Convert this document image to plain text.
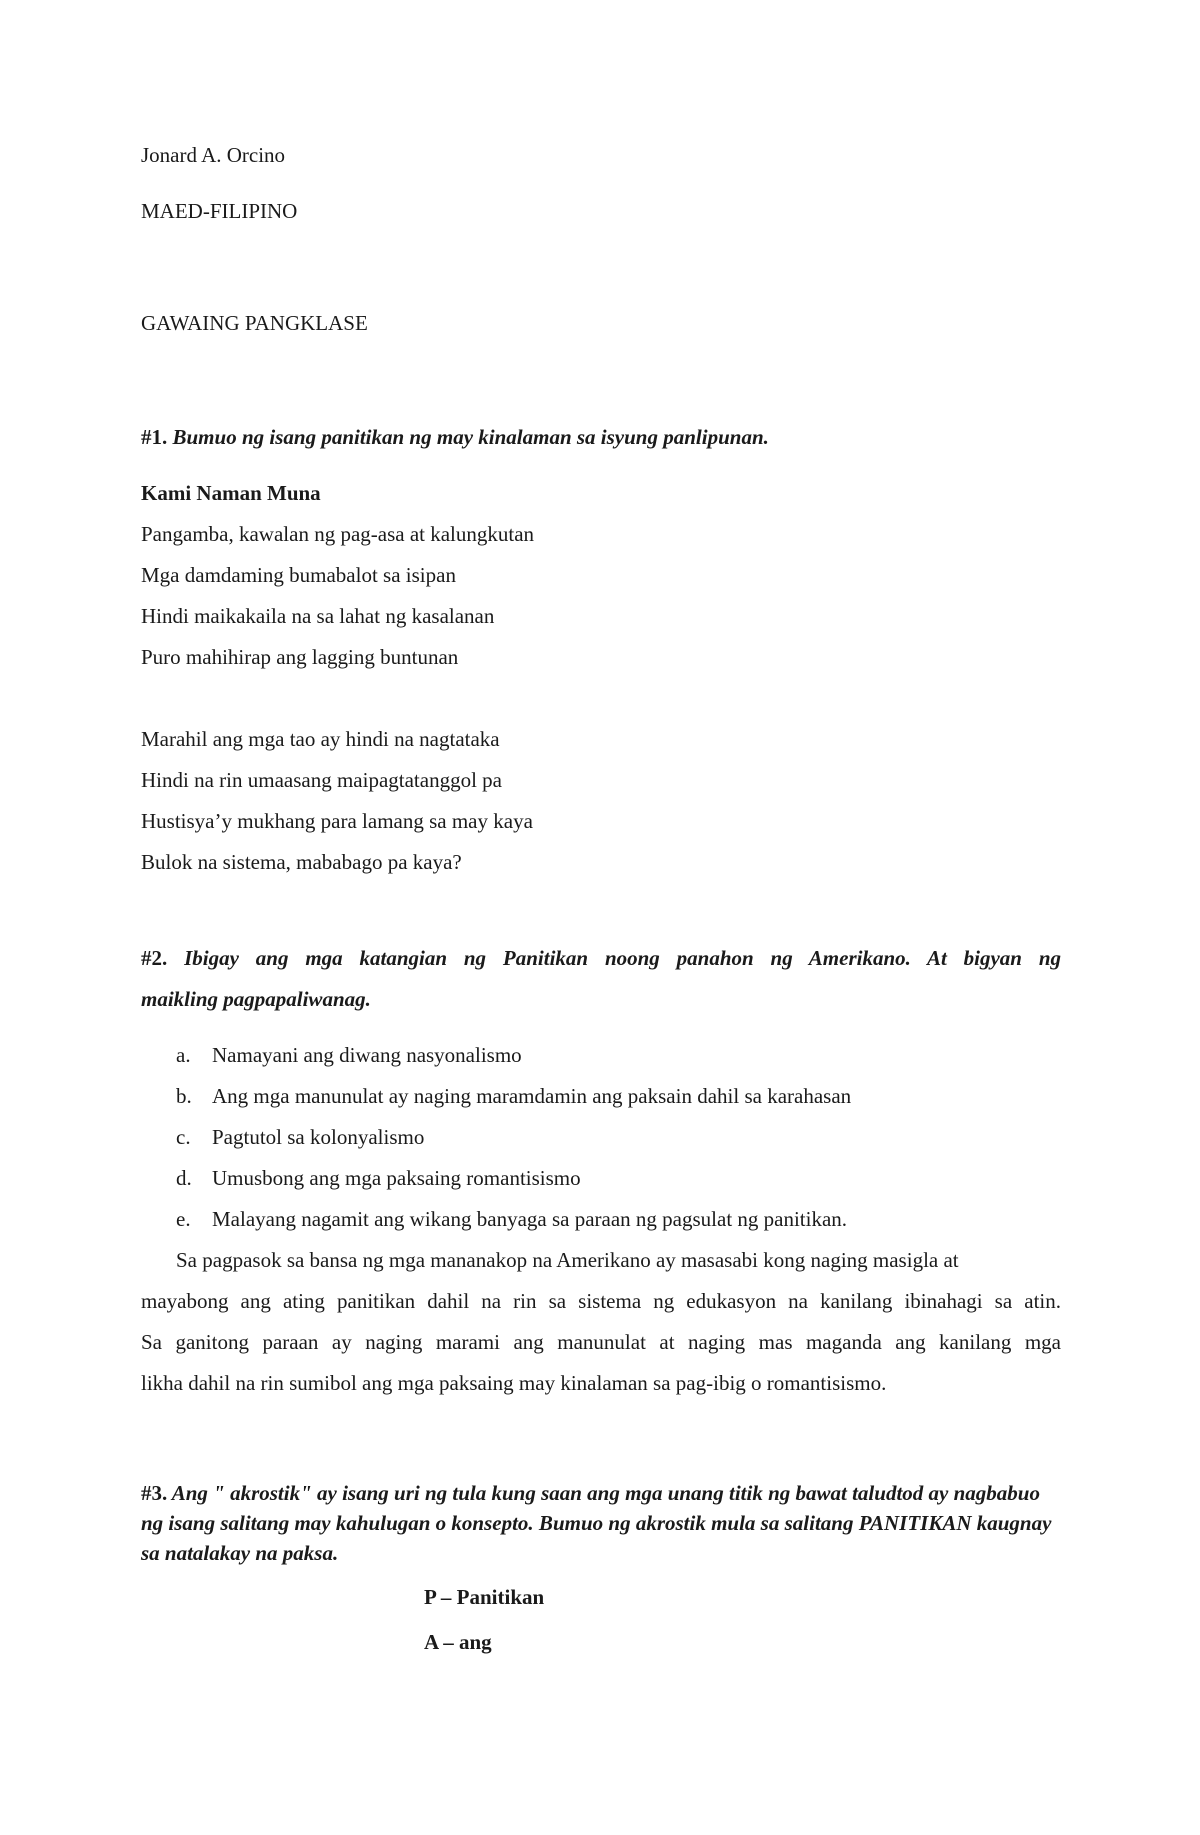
Jonard A. Orcino
MAED-FILIPINO
GAWAING PANGKLASE
#1. Bumuo ng isang panitikan ng may kinalaman sa isyung panlipunan.
Kami Naman Muna
Pangamba, kawalan ng pag-asa at kalungkutan
Mga damdaming bumabalot sa isipan
Hindi maikakaila na sa lahat ng kasalanan
Puro mahihirap ang lagging buntunan
Marahil ang mga tao ay hindi na nagtataka
Hindi na rin umaasang maipagtatanggol pa
Hustisya’y mukhang para lamang sa may kaya
Bulok na sistema, mababago pa kaya?
#2. Ibigay ang mga katangian ng Panitikan noong panahon ng Amerikano. At bigyan ng
maikling pagpapaliwanag.
a. Namayani ang diwang nasyonalismo
b. Ang mga manunulat ay naging maramdamin ang paksain dahil sa karahasan
c. Pagtutol sa kolonyalismo
d. Umusbong ang mga paksaing romantisismo
e. Malayang nagamit ang wikang banyaga sa paraan ng pagsulat ng panitikan.
Sa pagpasok sa bansa ng mga mananakop na Amerikano ay masasabi kong naging masigla at
mayabong ang ating panitikan dahil na rin sa sistema ng edukasyon na kanilang ibinahagi sa atin.
Sa ganitong paraan ay naging marami ang manunulat at naging mas maganda ang kanilang mga
likha dahil na rin sumibol ang mga paksaing may kinalaman sa pag-ibig o romantisismo.
#3. Ang " akrostik" ay isang uri ng tula kung saan ang mga unang titik ng bawat taludtod ay nagbabuo ng isang salitang may kahulugan o konsepto. Bumuo ng akrostik mula sa salitang PANITIKAN kaugnay sa natalakay na paksa.
P – Panitikan
A – ang
